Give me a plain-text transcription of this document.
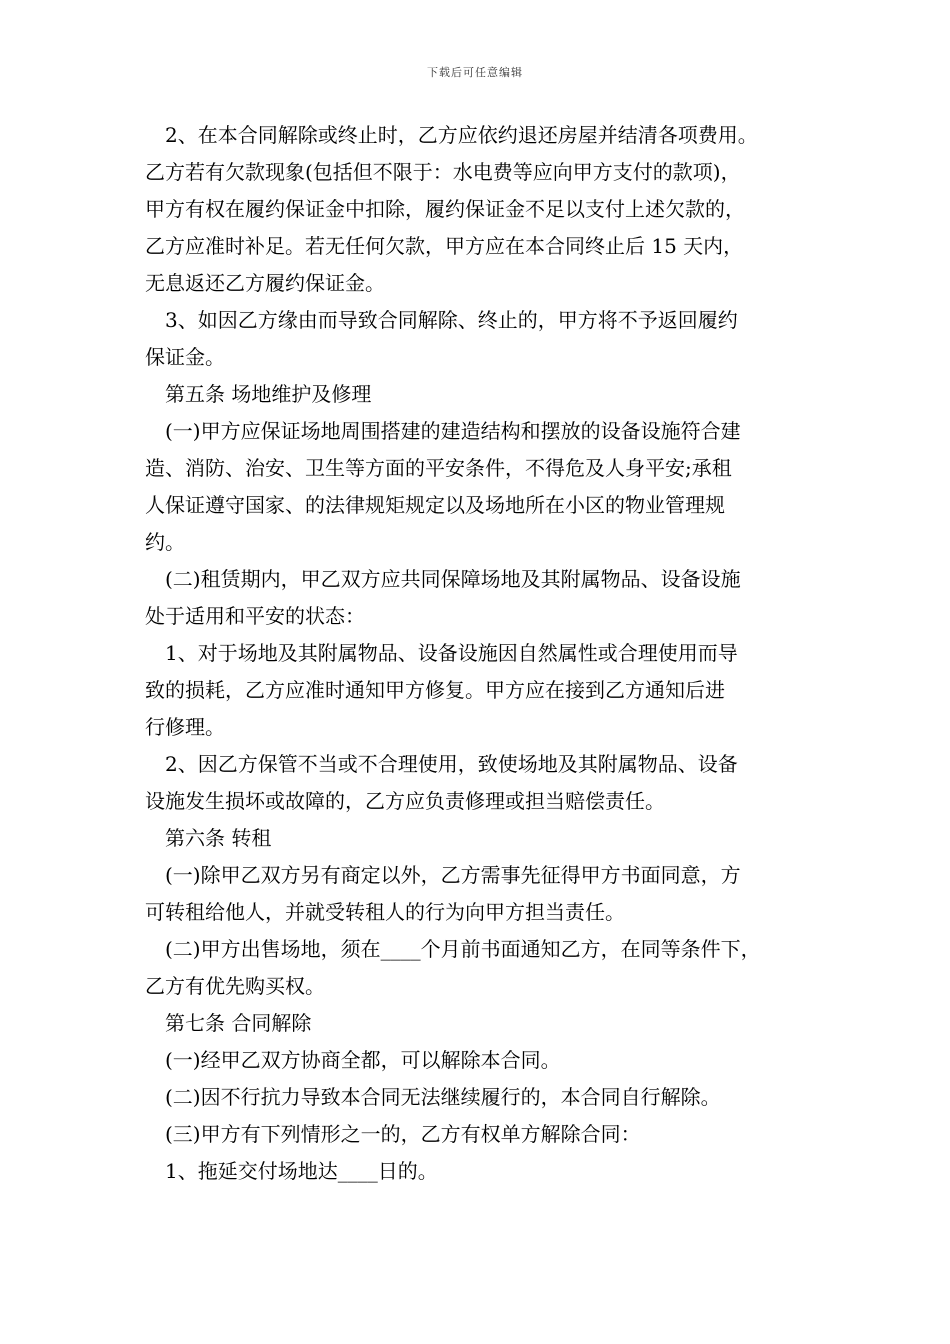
下载后可任意编辑
2、在本合同解除或终止时，乙方应依约退还房屋并结清各项费用。
乙方若有欠款现象(包括但不限于：水电费等应向甲方支付的款项)，
甲方有权在履约保证金中扣除，履约保证金不足以支付上述欠款的，
乙方应准时补足。若无任何欠款，甲方应在本合同终止后 15 天内，
无息返还乙方履约保证金。
3、如因乙方缘由而导致合同解除、终止的，甲方将不予返回履约
保证金。
第五条 场地维护及修理
(一)甲方应保证场地周围搭建的建造结构和摆放的设备设施符合建
造、消防、治安、卫生等方面的平安条件，不得危及人身平安;承租
人保证遵守国家、的法律规矩规定以及场地所在小区的物业管理规
约。
(二)租赁期内，甲乙双方应共同保障场地及其附属物品、设备设施
处于适用和平安的状态：
1、对于场地及其附属物品、设备设施因自然属性或合理使用而导
致的损耗，乙方应准时通知甲方修复。甲方应在接到乙方通知后进
行修理。
2、因乙方保管不当或不合理使用，致使场地及其附属物品、设备
设施发生损坏或故障的，乙方应负责修理或担当赔偿责任。
第六条 转租
(一)除甲乙双方另有商定以外，乙方需事先征得甲方书面同意，方
可转租给他人，并就受转租人的行为向甲方担当责任。
(二)甲方出售场地，须在____个月前书面通知乙方，在同等条件下，
乙方有优先购买权。
第七条 合同解除
(一)经甲乙双方协商全都，可以解除本合同。
(二)因不行抗力导致本合同无法继续履行的，本合同自行解除。
(三)甲方有下列情形之一的，乙方有权单方解除合同：
1、拖延交付场地达____日的。
